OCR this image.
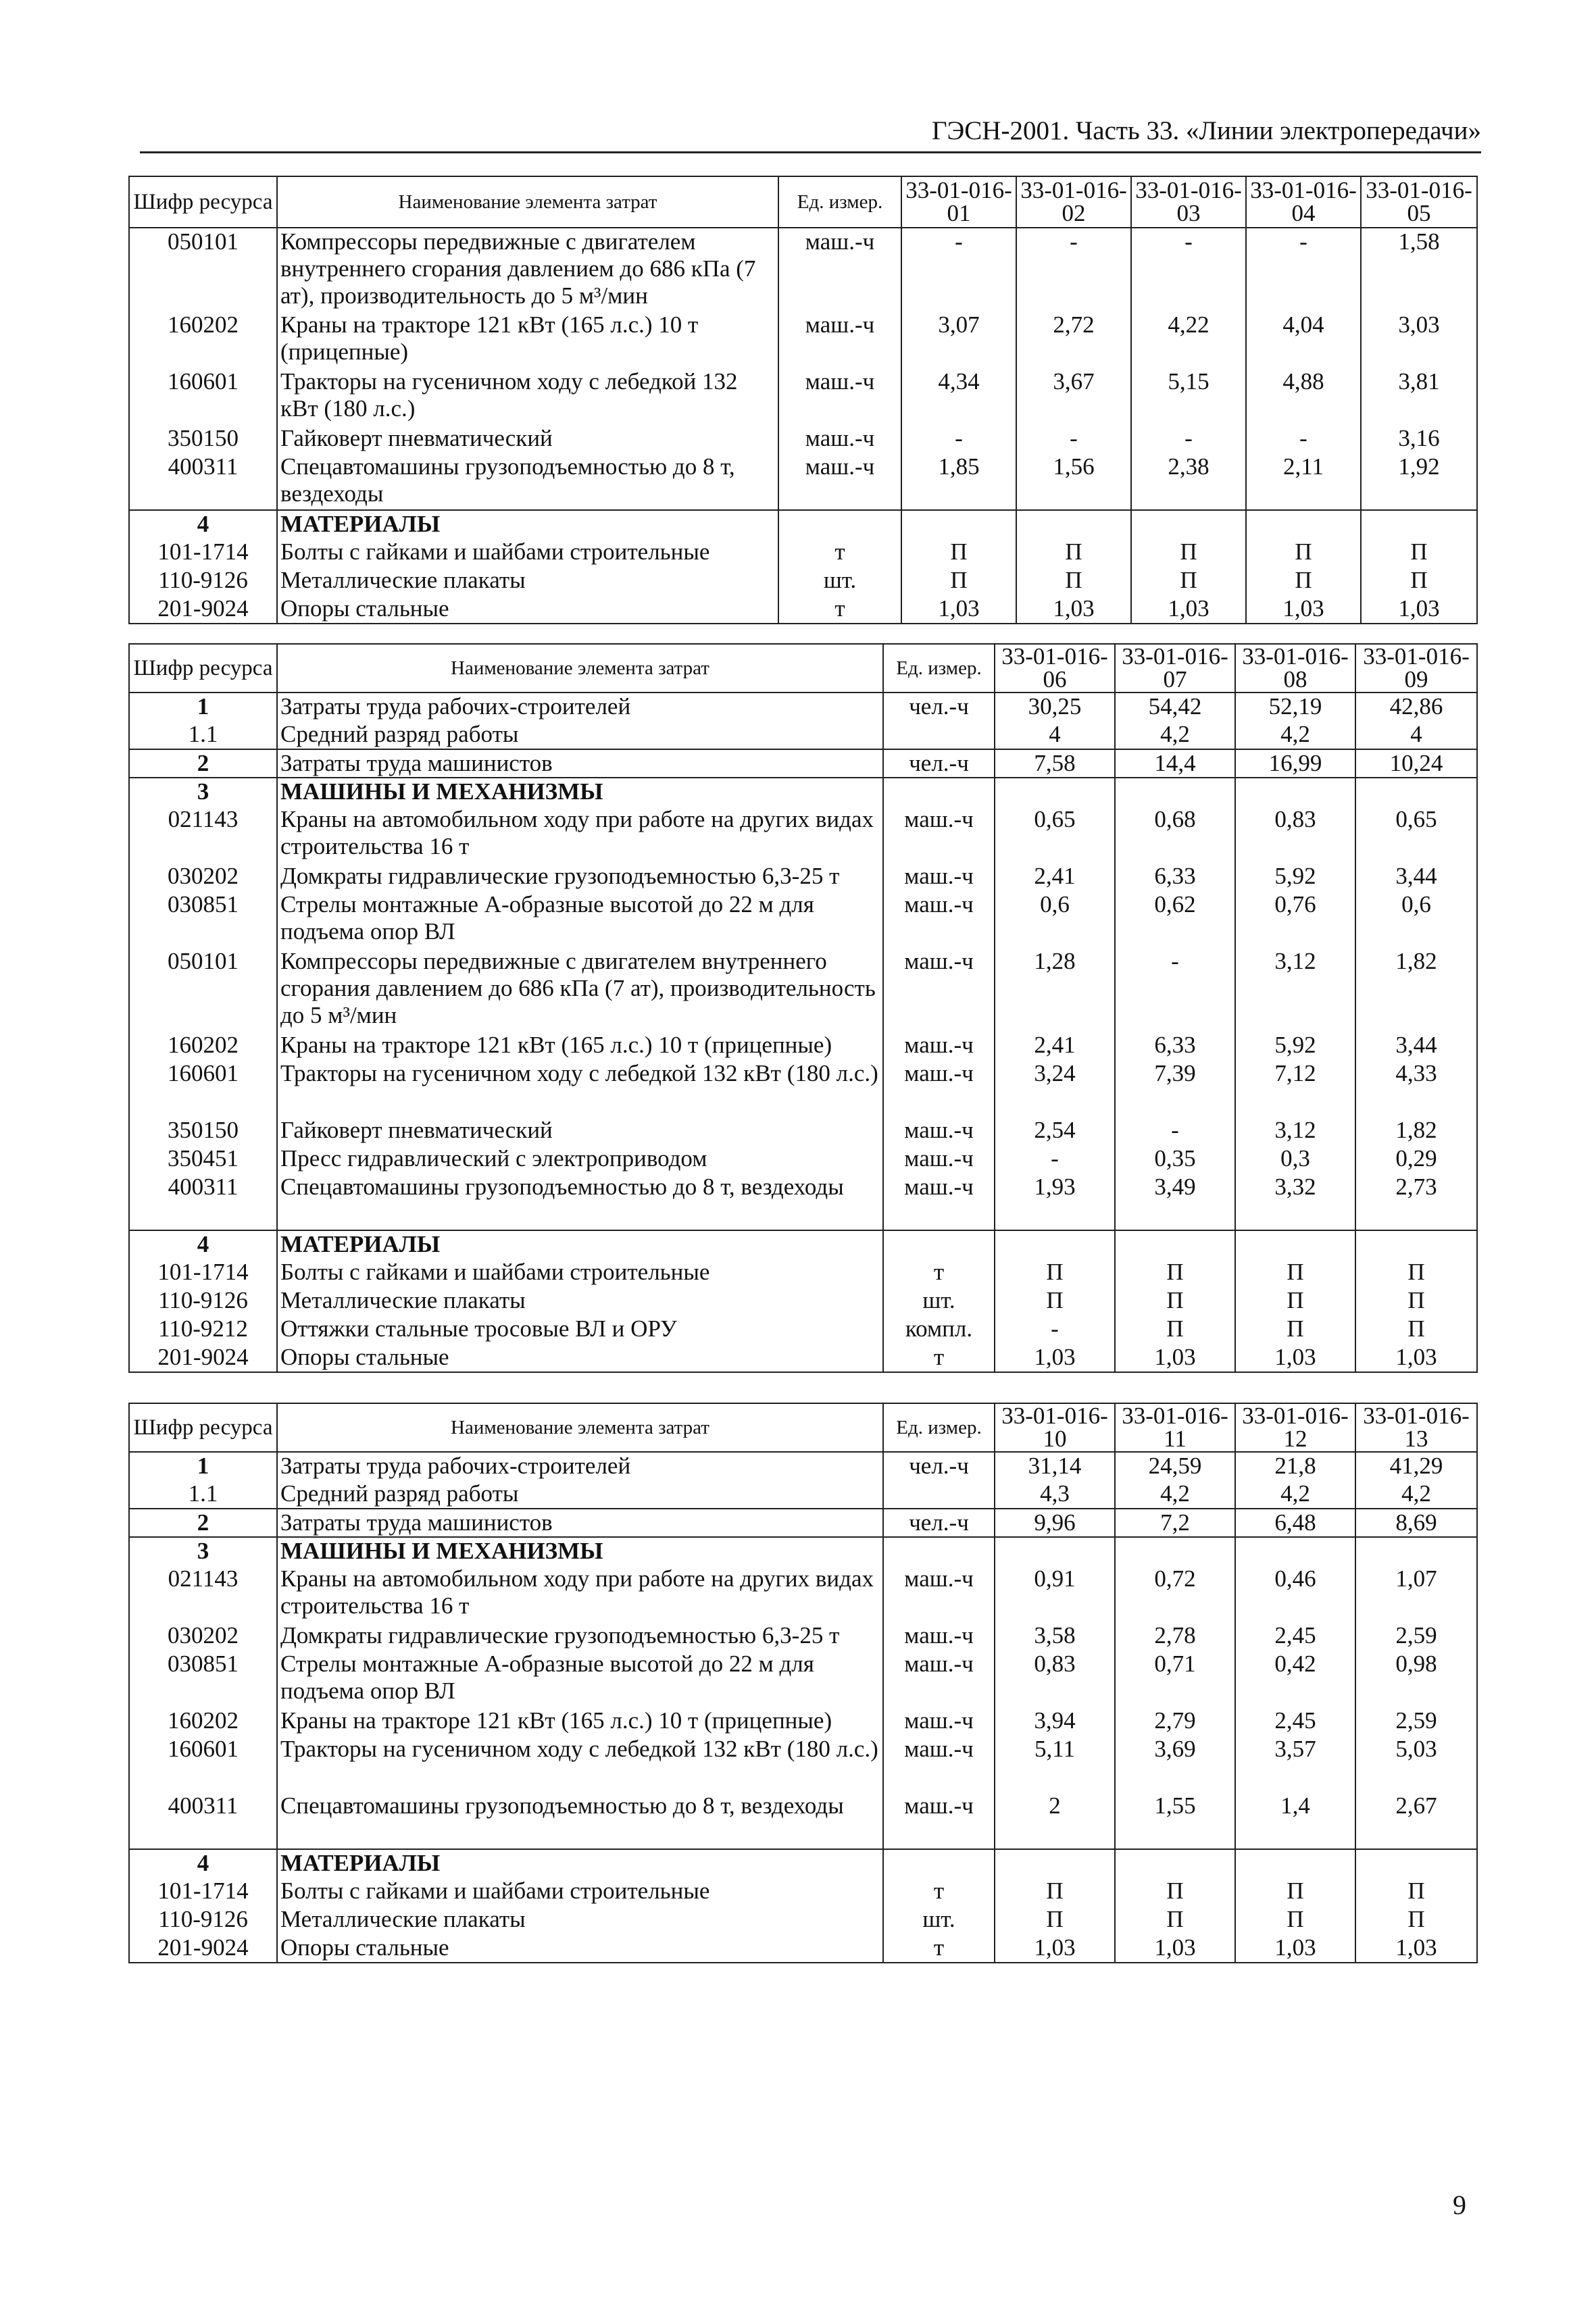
ГЭСН-2001. Часть 33. «Линии электропередачи»
Шифр ресурса	Наименование элемента затрат	Ед. измер.	33-01-016-01	33-01-016-02	33-01-016-03	33-01-016-04	33-01-016-05
050101	Компрессоры передвижные с двигателем внутреннего сгорания давлением до 686 кПа (7 ат), производительность до 5 м³/мин	маш.-ч	-	-	-	-	1,58
160202	Краны на тракторе 121 кВт (165 л.с.) 10 т (прицепные)	маш.-ч	3,07	2,72	4,22	4,04	3,03
160601	Тракторы на гусеничном ходу с лебедкой 132 кВт (180 л.с.)	маш.-ч	4,34	3,67	5,15	4,88	3,81
350150	Гайковерт пневматический	маш.-ч	-	-	-	-	3,16
400311	Спецавтомашины грузоподъемностью до 8 т, вездеходы	маш.-ч	1,85	1,56	2,38	2,11	1,92
4	МАТЕРИАЛЫ						
101-1714	Болты с гайками и шайбами строительные	т	П	П	П	П	П
110-9126	Металлические плакаты	шт.	П	П	П	П	П
201-9024	Опоры стальные	т	1,03	1,03	1,03	1,03	1,03
Шифр ресурса	Наименование элемента затрат	Ед. измер.	33-01-016-06	33-01-016-07	33-01-016-08	33-01-016-09
1	Затраты труда рабочих-строителей	чел.-ч	30,25	54,42	52,19	42,86
1.1	Средний разряд работы		4	4,2	4,2	4
2	Затраты труда машинистов	чел.-ч	7,58	14,4	16,99	10,24
3	МАШИНЫ И МЕХАНИЗМЫ					
021143	Краны на автомобильном ходу при работе на других видах строительства 16 т	маш.-ч	0,65	0,68	0,83	0,65
030202	Домкраты гидравлические грузоподъемностью 6,3-25 т	маш.-ч	2,41	6,33	5,92	3,44
030851	Стрелы монтажные А-образные высотой до 22 м для подъема опор ВЛ	маш.-ч	0,6	0,62	0,76	0,6
050101	Компрессоры передвижные с двигателем внутреннего сгорания давлением до 686 кПа (7 ат), производительность до 5 м³/мин	маш.-ч	1,28	-	3,12	1,82
160202	Краны на тракторе 121 кВт (165 л.с.) 10 т (прицепные)	маш.-ч	2,41	6,33	5,92	3,44
160601	Тракторы на гусеничном ходу с лебедкой 132 кВт (180 л.с.)	маш.-ч	3,24	7,39	7,12	4,33
350150	Гайковерт пневматический	маш.-ч	2,54	-	3,12	1,82
350451	Пресс гидравлический с электроприводом	маш.-ч	-	0,35	0,3	0,29
400311	Спецавтомашины грузоподъемностью до 8 т, вездеходы	маш.-ч	1,93	3,49	3,32	2,73
4	МАТЕРИАЛЫ					
101-1714	Болты с гайками и шайбами строительные	т	П	П	П	П
110-9126	Металлические плакаты	шт.	П	П	П	П
110-9212	Оттяжки стальные тросовые ВЛ и ОРУ	компл.	-	П	П	П
201-9024	Опоры стальные	т	1,03	1,03	1,03	1,03
Шифр ресурса	Наименование элемента затрат	Ед. измер.	33-01-016-10	33-01-016-11	33-01-016-12	33-01-016-13
1	Затраты труда рабочих-строителей	чел.-ч	31,14	24,59	21,8	41,29
1.1	Средний разряд работы		4,3	4,2	4,2	4,2
2	Затраты труда машинистов	чел.-ч	9,96	7,2	6,48	8,69
3	МАШИНЫ И МЕХАНИЗМЫ					
021143	Краны на автомобильном ходу при работе на других видах строительства 16 т	маш.-ч	0,91	0,72	0,46	1,07
030202	Домкраты гидравлические грузоподъемностью 6,3-25 т	маш.-ч	3,58	2,78	2,45	2,59
030851	Стрелы монтажные А-образные высотой до 22 м для подъема опор ВЛ	маш.-ч	0,83	0,71	0,42	0,98
160202	Краны на тракторе 121 кВт (165 л.с.) 10 т (прицепные)	маш.-ч	3,94	2,79	2,45	2,59
160601	Тракторы на гусеничном ходу с лебедкой 132 кВт (180 л.с.)	маш.-ч	5,11	3,69	3,57	5,03
400311	Спецавтомашины грузоподъемностью до 8 т, вездеходы	маш.-ч	2	1,55	1,4	2,67
4	МАТЕРИАЛЫ					
101-1714	Болты с гайками и шайбами строительные	т	П	П	П	П
110-9126	Металлические плакаты	шт.	П	П	П	П
201-9024	Опоры стальные	т	1,03	1,03	1,03	1,03
9
